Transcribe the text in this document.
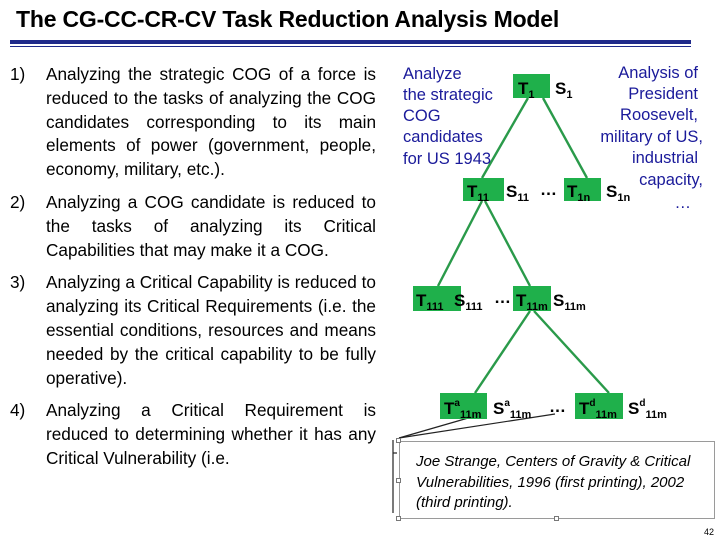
The CG-CC-CR-CV Task Reduction Analysis Model
1) Analyzing the strategic COG of a force is reduced to the tasks of analyzing the COG candidates corresponding to its main elements of power (government, people, economy, military, etc.).
2) Analyzing a COG candidate is reduced to the tasks of analyzing its Critical Capabilities that may make it a COG.
3) Analyzing a Critical Capability is reduced to analyzing its Critical Requirements (i.e. the essential conditions, resources and means needed by the critical capability to be fully operative).
4) Analyzing a Critical Requirement is reduced to determining whether it has any Critical Vulnerability (i.e.
Analyze
the strategic
COG
candidates
for US 1943
Analysis of
President
Roosevelt,
military of US,
industrial
capacity,
…
$T_1$ $S_1$
$T_{11}$ $S_{11}$ … $T_{1n}$ $S_{1n}$
$T_{111}$ $S_{111}$ … $T_{11m}$ $S_{11m}$
$T^a_{11m}$ $S^a_{11m}$ … $T^d_{11m}$ $S^d_{11m}$
Joe Strange, Centers of Gravity & Critical Vulnerabilities, 1996 (first printing), 2002 (third printing).
42
